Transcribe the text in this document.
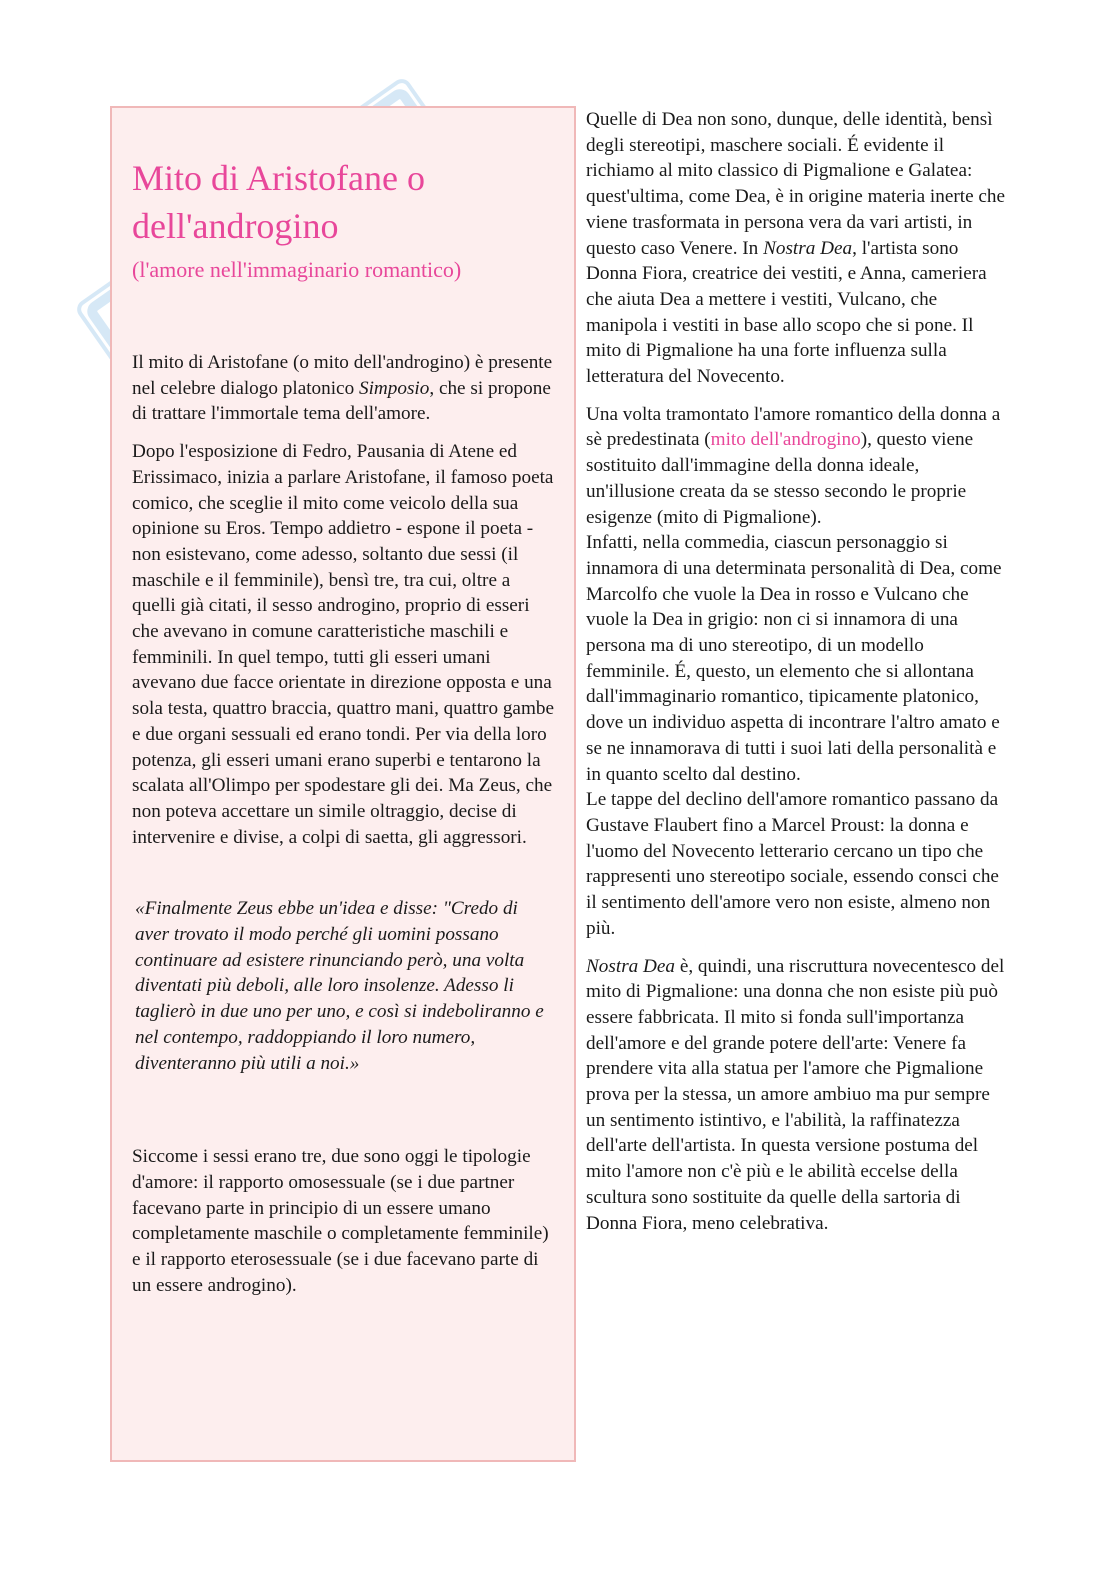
Mito di Aristofane o dell'androgino
(l'amore nell'immaginario romantico)

Il mito di Aristofane (o mito dell'androgino) è presente nel celebre dialogo platonico Simposio, che si propone di trattare l'immortale tema dell'amore.

Dopo l'esposizione di Fedro, Pausania di Atene ed Erissimaco, inizia a parlare Aristofane, il famoso poeta comico, che sceglie il mito come veicolo della sua opinione su Eros. Tempo addietro - espone il poeta - non esistevano, come adesso, soltanto due sessi (il maschile e il femminile), bensì tre, tra cui, oltre a quelli già citati, il sesso androgino, proprio di esseri che avevano in comune caratteristiche maschili e femminili. In quel tempo, tutti gli esseri umani avevano due facce orientate in direzione opposta e una sola testa, quattro braccia, quattro mani, quattro gambe e due organi sessuali ed erano tondi. Per via della loro potenza, gli esseri umani erano superbi e tentarono la scalata all'Olimpo per spodestare gli dei. Ma Zeus, che non poteva accettare un simile oltraggio, decise di intervenire e divise, a colpi di saetta, gli aggressori.

«Finalmente Zeus ebbe un'idea e disse: "Credo di aver trovato il modo perché gli uomini possano continuare ad esistere rinunciando però, una volta diventati più deboli, alle loro insolenze. Adesso li taglierò in due uno per uno, e così si indeboliranno e nel contempo, raddoppiando il loro numero, diventeranno più utili a noi.»

Siccome i sessi erano tre, due sono oggi le tipologie d'amore: il rapporto omosessuale (se i due partner facevano parte in principio di un essere umano completamente maschile o completamente femminile) e il rapporto eterosessuale (se i due facevano parte di un essere androgino).

Quelle di Dea non sono, dunque, delle identità, bensì degli stereotipi, maschere sociali. É evidente il richiamo al mito classico di Pigmalione e Galatea: quest'ultima, come Dea, è in origine materia inerte che viene trasformata in persona vera da vari artisti, in questo caso Venere. In Nostra Dea, l'artista sono Donna Fiora, creatrice dei vestiti, e Anna, cameriera che aiuta Dea a mettere i vestiti, Vulcano, che manipola i vestiti in base allo scopo che si pone. Il mito di Pigmalione ha una forte influenza sulla letteratura del Novecento.

Una volta tramontato l'amore romantico della donna a sè predestinata (mito dell'androgino), questo viene sostituito dall'immagine della donna ideale, un'illusione creata da se stesso secondo le proprie esigenze (mito di Pigmalione).
Infatti, nella commedia, ciascun personaggio si innamora di una determinata personalità di Dea, come Marcolfo che vuole la Dea in rosso e Vulcano che vuole la Dea in grigio: non ci si innamora di una persona ma di uno stereotipo, di un modello femminile. É, questo, un elemento che si allontana dall'immaginario romantico, tipicamente platonico, dove un individuo aspetta di incontrare l'altro amato e se ne innamorava di tutti i suoi lati della personalità e in quanto scelto dal destino.
Le tappe del declino dell'amore romantico passano da Gustave Flaubert fino a Marcel Proust: la donna e l'uomo del Novecento letterario cercano un tipo che rappresenti uno stereotipo sociale, essendo consci che il sentimento dell'amore vero non esiste, almeno non più.

Nostra Dea è, quindi, una riscruttura novecentesco del mito di Pigmalione: una donna che non esiste più può essere fabbricata. Il mito si fonda sull'importanza dell'amore e del grande potere dell'arte: Venere fa prendere vita alla statua per l'amore che Pigmalione prova per la stessa, un amore ambiuo ma pur sempre un sentimento istintivo, e l'abilità, la raffinatezza dell'arte dell'artista. In questa versione postuma del mito l'amore non c'è più e le abilità eccelse della scultura sono sostituite da quelle della sartoria di Donna Fiora, meno celebrativa.
